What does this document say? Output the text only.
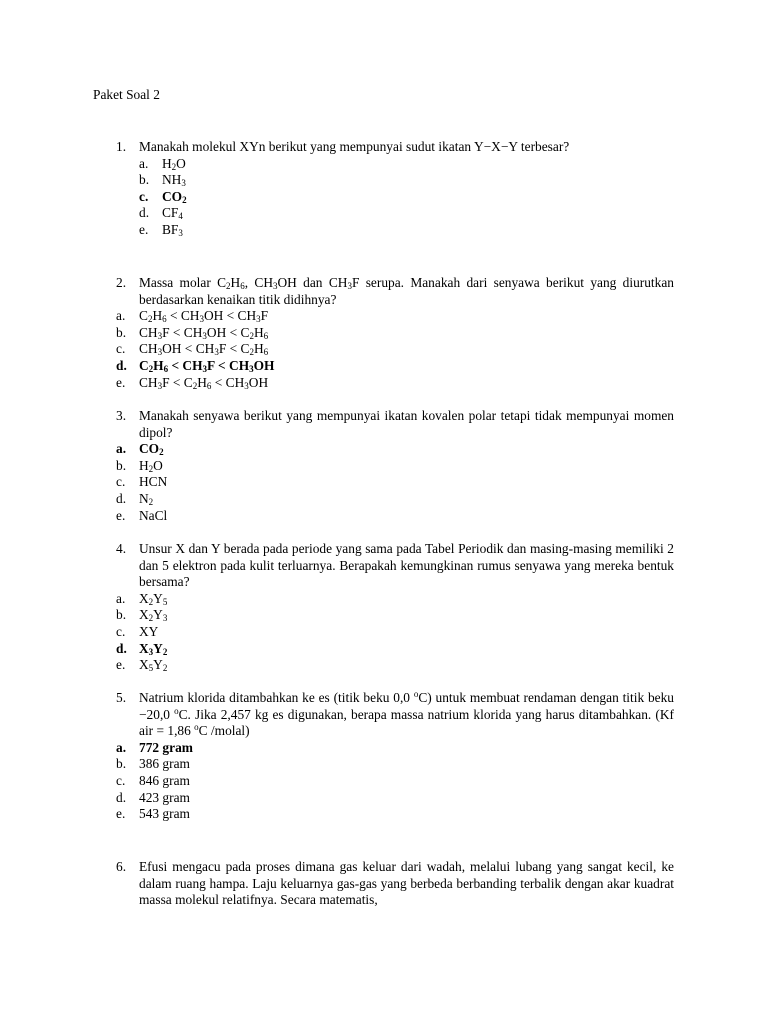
Paket Soal 2
1. Manakah molekul XYn berikut yang mempunyai sudut ikatan Y−X−Y terbesar?
a.	$H_2O$
b. $NH_3$
c.	$CO_2$
d. $CF_4$
e.	$BF_3$
2. Massa molar $C_2H_6$, $CH_3OH$ dan $CH_3F$ serupa. Manakah dari senyawa berikut yang diurutkan berdasarkan kenaikan titik didihnya?
a.	$C_2H_6 < CH_3OH < CH_3F$
b. $CH_3F < CH_3OH < C_2H_6$
c.	$CH_3OH < CH_3F < C_2H_6$
d. $C_2H_6 < CH_3F < CH_3OH$
e.	$CH_3F < C_2H_6 < CH_3OH$
3. Manakah senyawa berikut yang mempunyai ikatan kovalen polar tetapi tidak mempunyai momen dipol?
a. $CO_2$
b. $H_2O$
c.	HCN
d. $N_2$
e.	NaCl
4. Unsur X dan Y berada pada periode yang sama pada Tabel Periodik dan masing-masing memiliki 2 dan 5 elektron pada kulit terluarnya. Berapakah kemungkinan rumus senyawa yang mereka bentuk bersama?
a.	$X_2Y_5$
b. $X_2Y_3$
c.	XY
d. $X_3Y_2$
e.	$X_5Y_2$
5. Natrium klorida ditambahkan ke es (titik beku 0,0 $^o$C) untuk membuat rendaman dengan titik beku −20,0 $^o$C. Jika 2,457 kg es digunakan, berapa massa natrium klorida yang harus ditambahkan. (Kf air = 1,86 $^o$C /molal)
a. 772 gram
b. 386 gram
c.	846 gram
d. 423 gram
e.	543 gram
6. Efusi mengacu pada proses dimana gas keluar dari wadah, melalui lubang yang sangat kecil, ke dalam ruang hampa. Laju keluarnya gas-gas yang berbeda berbanding terbalik dengan akar kuadrat massa molekul relatifnya. Secara matematis,
